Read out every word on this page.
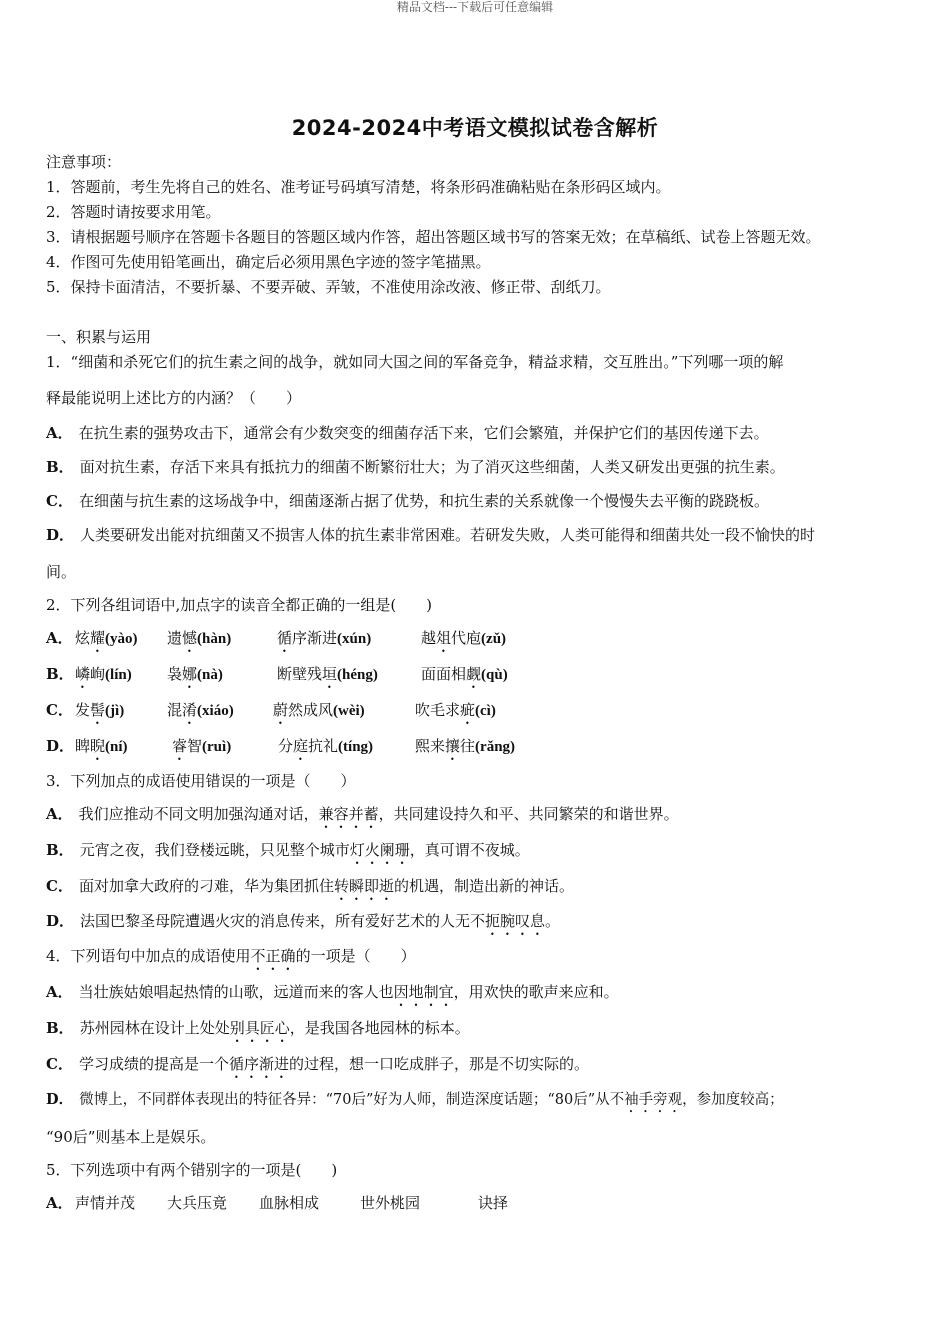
精品文档---下载后可任意编辑
2024-2024中考语文模拟试卷含解析
注意事项：
1．答题前，考生先将自己的姓名、准考证号码填写清楚，将条形码准确粘贴在条形码区域内。
2．答题时请按要求用笔。
3．请根据题号顺序在答题卡各题目的答题区域内作答，超出答题区域书写的答案无效；在草稿纸、试卷上答题无效。
4．作图可先使用铅笔画出，确定后必须用黑色字迹的签字笔描黑。
5．保持卡面清洁，不要折暴、不要弄破、弄皱，不准使用涂改液、修正带、刮纸刀。
一、积累与运用
1．“细菌和杀死它们的抗生素之间的战争，就如同大国之间的军备竞争，精益求精，交互胜出。”下列哪一项的解
释最能说明上述比方的内涵？（　　）
A． 在抗生素的强势攻击下，通常会有少数突变的细菌存活下来，它们会繁殖，并保护它们的基因传递下去。
B． 面对抗生素，存活下来具有抵抗力的细菌不断繁衍壮大；为了消灭这些细菌，人类又研发出更强的抗生素。
C． 在细菌与抗生素的这场战争中，细菌逐渐占据了优势，和抗生素的关系就像一个慢慢失去平衡的跷跷板。
D． 人类要研发出能对抗细菌又不损害人体的抗生素非常困难。若研发失败，人类可能得和细菌共处一段不愉快的时
间。
2．下列各组词语中,加点字的读音全都正确的一组是(　　)
A． 炫耀(yào) 遗憾(hàn)	循序渐进(xún)	越俎代庖(zǔ)
B． 嶙峋(lín) 袅娜(nà)	断壁残垣(héng)	面面相觑(qù)
C． 发髻(jì)	混淆(xiáo)	蔚然成风(wèi)	吹毛求疵(cì)
D． 睥睨(ní)	睿智(ruì)	分庭抗礼(tíng)	熙来攘往(rǎng)
3．下列加点的成语使用错误的一项是（　　）
A． 我们应推动不同文明加强沟通对话，兼容并蓄，共同建设持久和平、共同繁荣的和谐世界。
B． 元宵之夜，我们登楼远眺，只见整个城市灯火阑珊，真可谓不夜城。
C． 面对加拿大政府的刁难，华为集团抓住转瞬即逝的机遇，制造出新的神话。
D． 法国巴黎圣母院遭遇火灾的消息传来，所有爱好艺术的人无不扼腕叹息。
4．下列语句中加点的成语使用不正确的一项是（　　）
A． 当壮族姑娘唱起热情的山歌，远道而来的客人也因地制宜，用欢快的歌声来应和。
B． 苏州园林在设计上处处别具匠心，是我国各地园林的标本。
C． 学习成绩的提高是一个循序渐进的过程，想一口吃成胖子，那是不切实际的。
D． 微博上，不同群体表现出的特征各异：“70后”好为人师，制造深度话题；“80后”从不袖手旁观，参加度较高；
“90后”则基本上是娱乐。
5．下列选项中有两个错别字的一项是(　　)
A． 声情并茂 大兵压竟 血脉相成	世外桃园	诀择
